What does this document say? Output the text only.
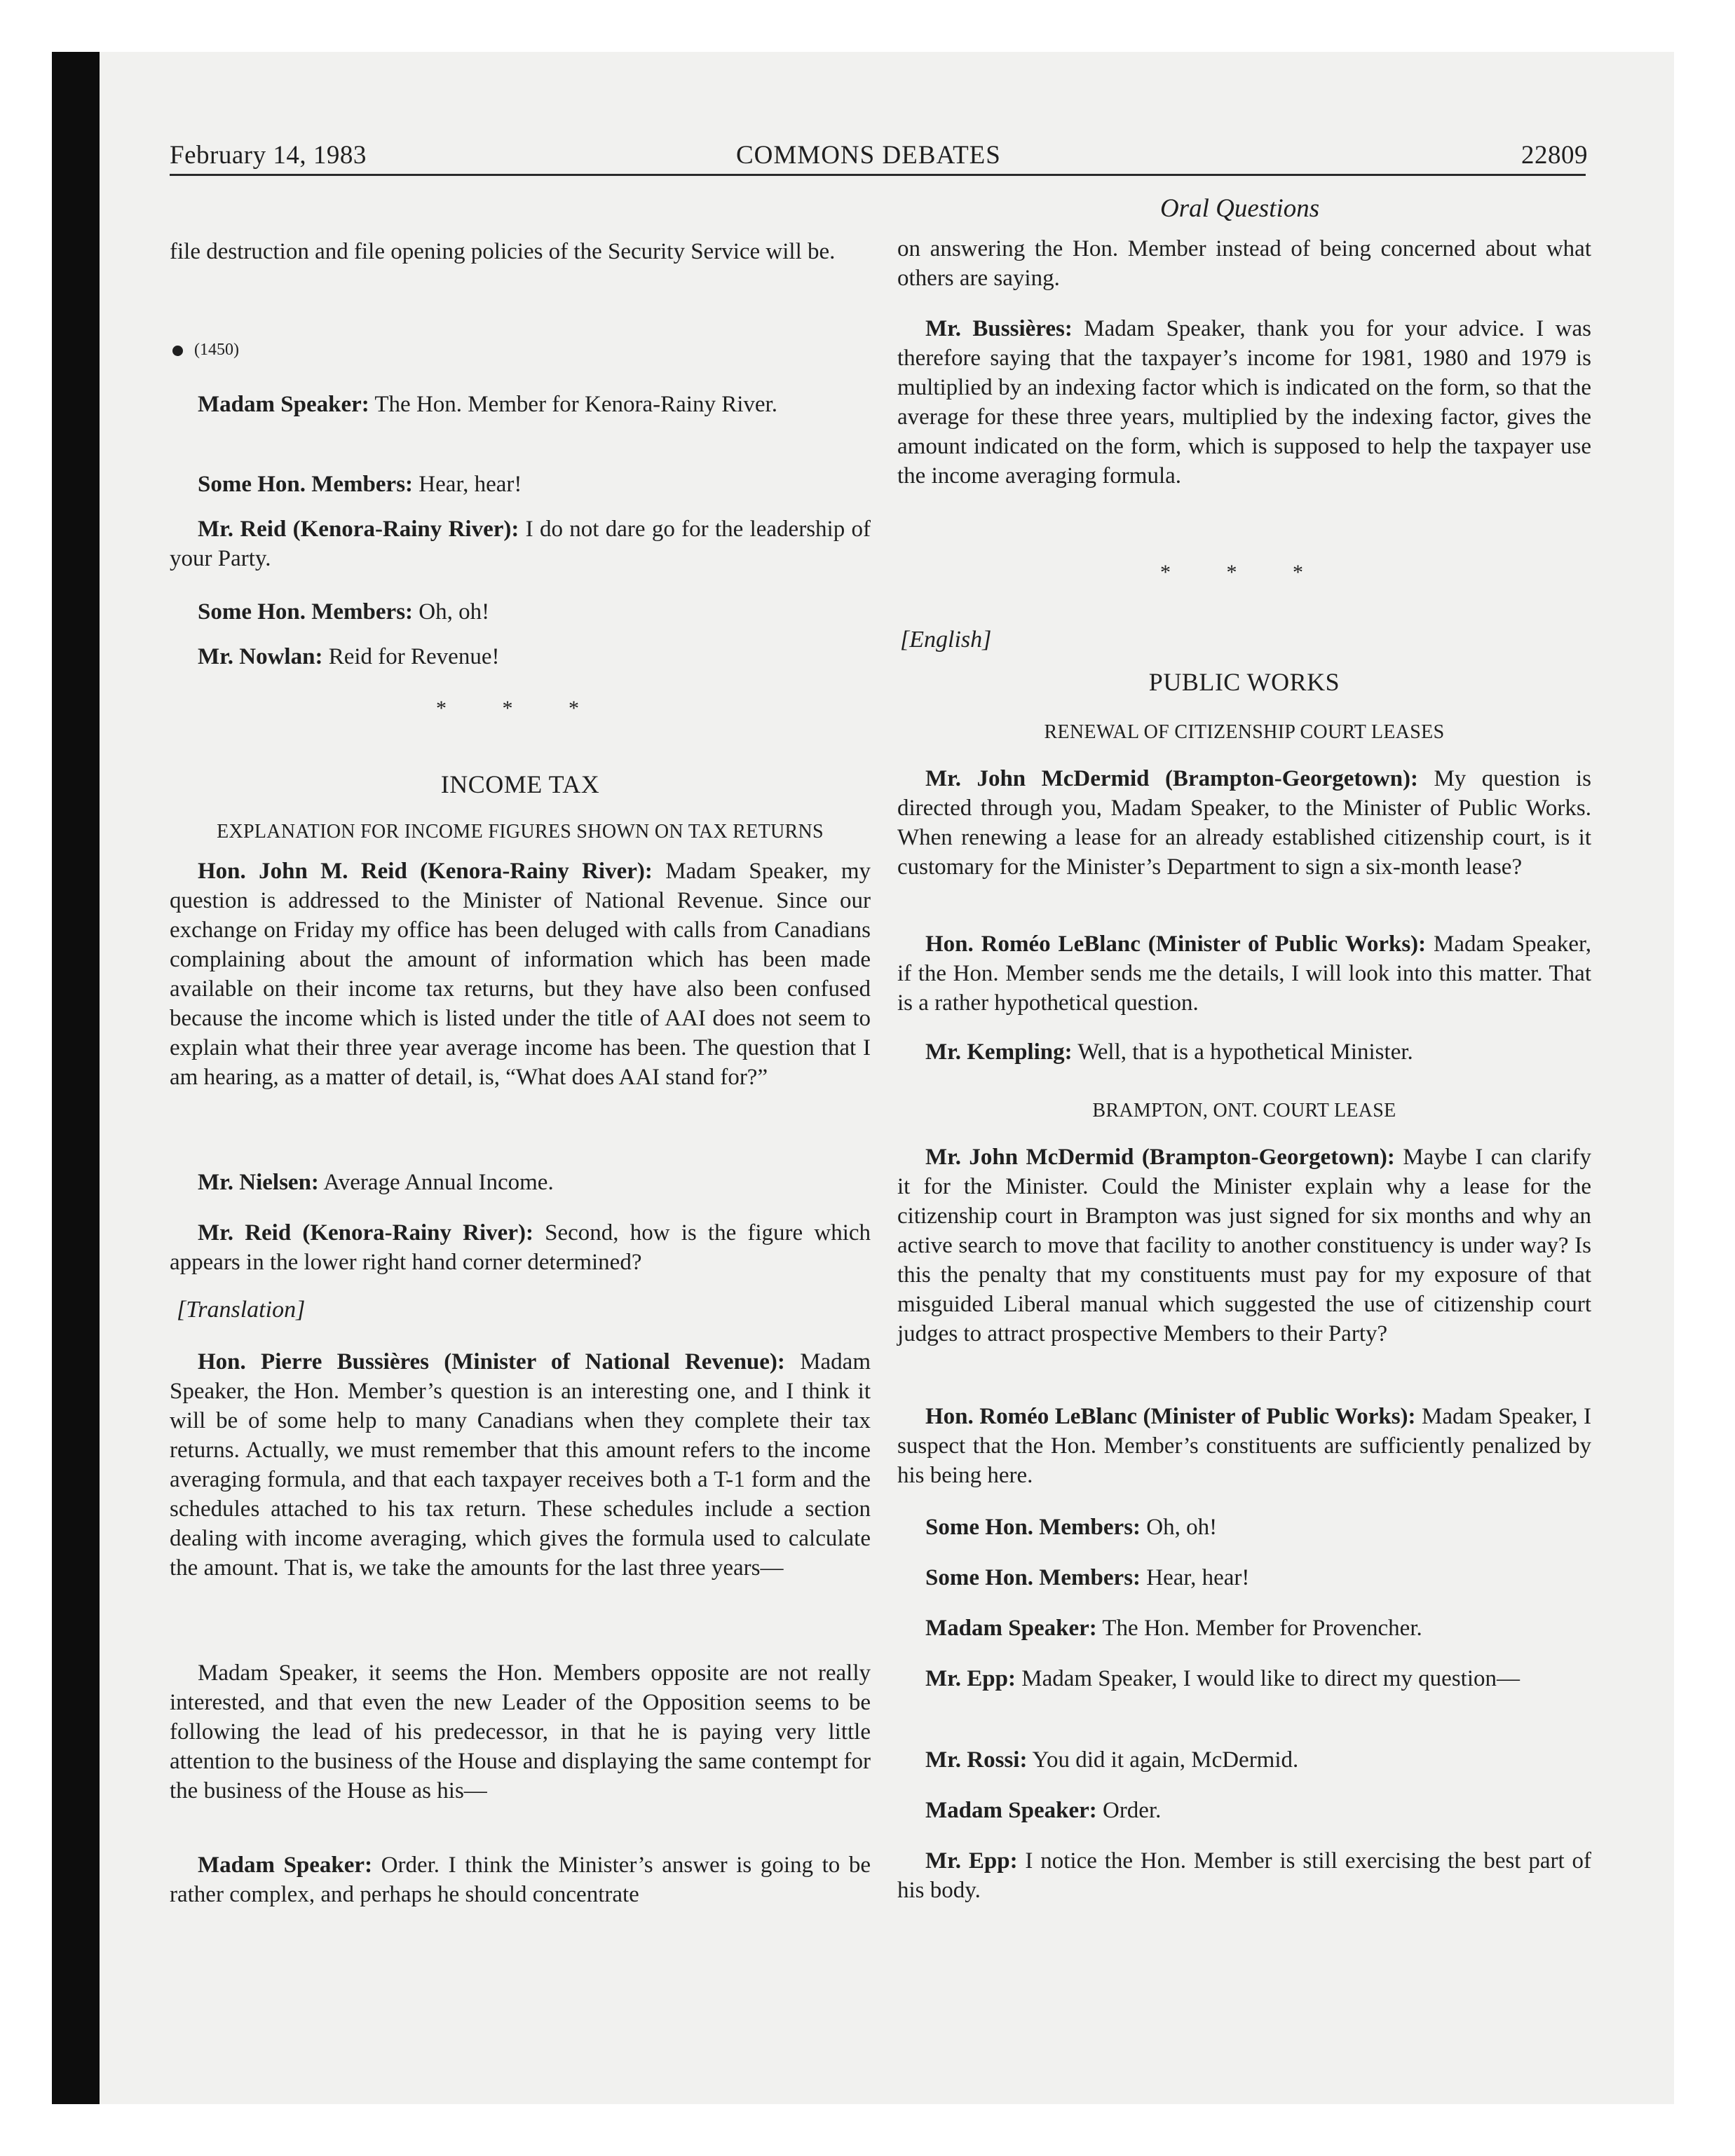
February 14, 1983	COMMONS DEBATES	22809
Oral Questions

file destruction and file opening policies of the Security Service will be.

(1450)

Madam Speaker: The Hon. Member for Kenora-Rainy River.

Some Hon. Members: Hear, hear!

Mr. Reid (Kenora-Rainy River): I do not dare go for the leadership of your Party.

Some Hon. Members: Oh, oh!

Mr. Nowlan: Reid for Revenue!

* * *

INCOME TAX

EXPLANATION FOR INCOME FIGURES SHOWN ON TAX RETURNS

Hon. John M. Reid (Kenora-Rainy River): Madam Speaker, my question is addressed to the Minister of National Revenue. Since our exchange on Friday my office has been deluged with calls from Canadians complaining about the amount of information which has been made available on their income tax returns, but they have also been confused because the income which is listed under the title of AAI does not seem to explain what their three year average income has been. The question that I am hearing, as a matter of detail, is, “What does AAI stand for?”

Mr. Nielsen: Average Annual Income.

Mr. Reid (Kenora-Rainy River): Second, how is the figure which appears in the lower right hand corner determined?

[Translation]

Hon. Pierre Bussières (Minister of National Revenue): Madam Speaker, the Hon. Member’s question is an interesting one, and I think it will be of some help to many Canadians when they complete their tax returns. Actually, we must remember that this amount refers to the income averaging formula, and that each taxpayer receives both a T-1 form and the schedules attached to his tax return. These schedules include a section dealing with income averaging, which gives the formula used to calculate the amount. That is, we take the amounts for the last three years—

Madam Speaker, it seems the Hon. Members opposite are not really interested, and that even the new Leader of the Opposition seems to be following the lead of his predecessor, in that he is paying very little attention to the business of the House and displaying the same contempt for the business of the House as his—

Madam Speaker: Order. I think the Minister’s answer is going to be rather complex, and perhaps he should concentrate

on answering the Hon. Member instead of being concerned about what others are saying.

Mr. Bussières: Madam Speaker, thank you for your advice. I was therefore saying that the taxpayer’s income for 1981, 1980 and 1979 is multiplied by an indexing factor which is indicated on the form, so that the average for these three years, multiplied by the indexing factor, gives the amount indicated on the form, which is supposed to help the taxpayer use the income averaging formula.

* * *

[English]

PUBLIC WORKS

RENEWAL OF CITIZENSHIP COURT LEASES

Mr. John McDermid (Brampton-Georgetown): My question is directed through you, Madam Speaker, to the Minister of Public Works. When renewing a lease for an already established citizenship court, is it customary for the Minister’s Department to sign a six-month lease?

Hon. Roméo LeBlanc (Minister of Public Works): Madam Speaker, if the Hon. Member sends me the details, I will look into this matter. That is a rather hypothetical question.

Mr. Kempling: Well, that is a hypothetical Minister.

BRAMPTON, ONT. COURT LEASE

Mr. John McDermid (Brampton-Georgetown): Maybe I can clarify it for the Minister. Could the Minister explain why a lease for the citizenship court in Brampton was just signed for six months and why an active search to move that facility to another constituency is under way? Is this the penalty that my constituents must pay for my exposure of that misguided Liberal manual which suggested the use of citizenship court judges to attract prospective Members to their Party?

Hon. Roméo LeBlanc (Minister of Public Works): Madam Speaker, I suspect that the Hon. Member’s constituents are sufficiently penalized by his being here.

Some Hon. Members: Oh, oh!

Some Hon. Members: Hear, hear!

Madam Speaker: The Hon. Member for Provencher.

Mr. Epp: Madam Speaker, I would like to direct my question—

Mr. Rossi: You did it again, McDermid.

Madam Speaker: Order.

Mr. Epp: I notice the Hon. Member is still exercising the best part of his body.
